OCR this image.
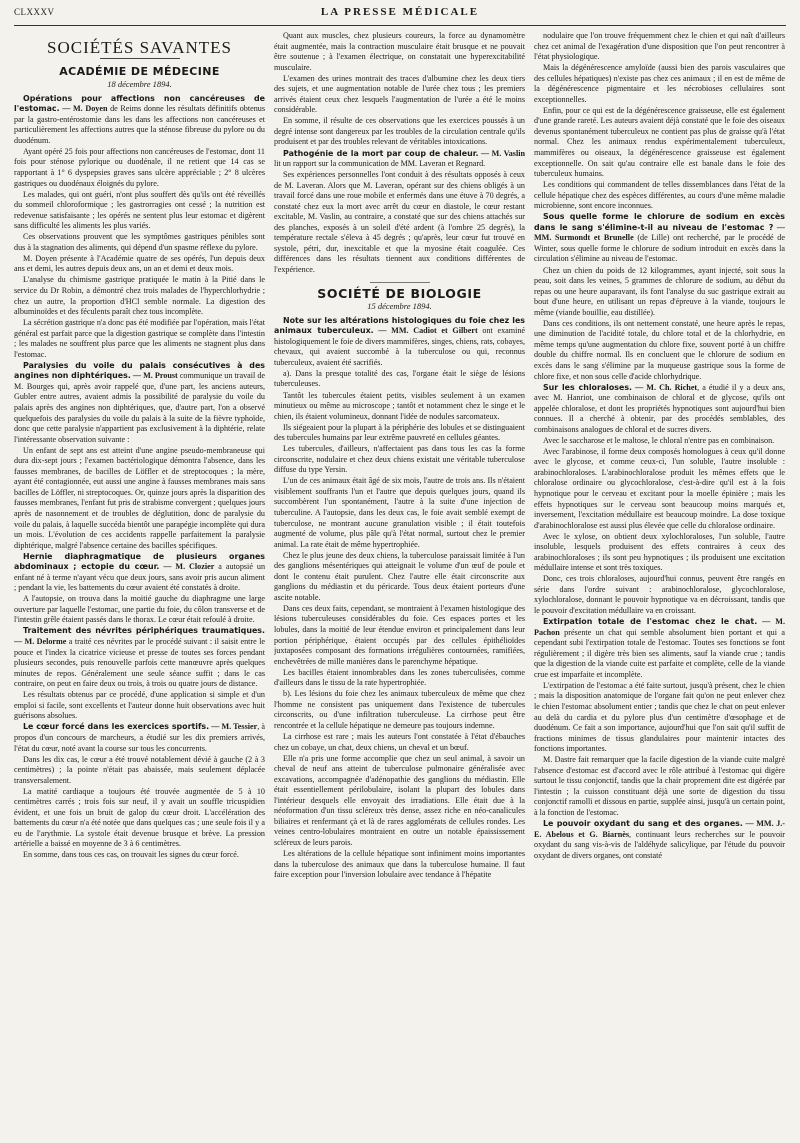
CLXXXV	LA PRESSE MÉDICALE
SOCIÉTÉS SAVANTES
ACADÉMIE DE MÉDECINE
18 décembre 1894.

Opérations pour affections non cancéreuses de l'estomac. — M. Doyen de Reims donne les résultats définitifs obtenus par la gastro-entérostomie dans les dans les affections non cancéreuses et particulièrement les affections autres que la sténose fibreuse du pylore ou du duodénum.

Ayant opéré 25 fois pour affections non cancéreuses de l'estomac, dont 11 fois pour sténose pylorique ou duodénale, il ne retient que 14 cas se rapportant à 1° 6 dyspepsies graves sans ulcère appréciable ; 2° 8 ulcères gastriques ou duodénaux éloignés du pylore.

Les malades, qui ont guéri, n'ont plus souffert dès qu'ils ont été réveillés du sommeil chloroformique ; les gastrorragies ont cessé ; la nutrition est redevenue satisfaisante ; les opérés ne sentent plus leur estomac et digèrent sans difficulté les aliments les plus variés.

Ces observations prouvent que les symptômes gastriques pénibles sont dus à la stagnation des aliments, qui dépend d'un spasme réflexe du pylore.

M. Doyen présente à l'Académie quatre de ses opérés, l'un depuis deux ans et demi, les autres depuis deux ans, un an et demi et deux mois.

L'analyse du chimisme gastrique pratiquée le matin à la Pitié dans le service du Dr Robin, a démontré chez trois malades de l'hyperchlorhydrie ; chez un autre, la proportion d'HCl semble normale. La digestion des albuminoïdes et des féculents paraît chez tous incomplète.

La sécrétion gastrique n'a donc pas été modifiée par l'opération, mais l'état général est parfait parce que la digestion gastrique se complète dans l'intestin ; les malades ne souffrent plus parce que les aliments ne stagnent plus dans l'estomac.

Paralysies du voile du palais consécutives à des angines non diphtériques. — M. Proust communique un travail de M. Bourges qui, après avoir rappelé que, d'une part, les anciens auteurs, Gubler entre autres, avaient admis la possibilité de paralysie du voile du palais après des angines non diphtériques, que, d'autre part, l'on a observé quelquefois des paralysies du voile du palais à la suite de la fièvre typhoïde, donc que cette paralysie n'appartient pas exclusivement à la diphtérie, relate l'intéressante observation suivante :

Un enfant de sept ans est atteint d'une angine pseudo-membraneuse qui dura dix-sept jours ; l'examen bactériologique démontra l'absence, dans les fausses membranes, de bacilles de Löffler et de streptocoques ; la mère, ayant été contagionnée, eut aussi une angine à fausses membranes mais sans bacilles de Löffler, ni streptocoques. Or, quinze jours après la disparition des fausses membranes, l'enfant fut pris de strabisme convergent ; quelques jours après de nasonnement et de troubles de déglutition, donc de paralysie du voile du palais, à laquelle succéda bientôt une parapégie incomplète qui dura un mois. L'évolution de ces accidents rappelle parfaitement la paralysie diphtérique, malgré l'absence certaine des bacilles spécifiques.

Hernie diaphragmatique de plusieurs organes abdominaux ; ectopie du cœur. — M. Clozier a autopsié un enfant né à terme n'ayant vécu que deux jours, sans avoir pris aucun aliment ; pendant la vie, les battements du cœur avaient été constatés à droite.

A l'autopsie, on trouva dans la moitié gauche du diaphragme une large ouverture par laquelle l'estomac, une partie du foie, du côlon transverse et de l'intestin grêle étaient passés dans le thorax. Le cœur était refoulé à droite.

Traitement des névrites périphériques traumatiques. — M. Delorme a traité ces névrites par le procédé suivant : il saisit entre le pouce et l'index la cicatrice vicieuse et presse de toutes ses forces pendant plusieurs secondes, puis renouvelle parfois cette manœuvre après quelques minutes de repos. Généralement une seule séance suffit ; dans le cas contraire, on peut en faire deux ou trois, à trois ou quatre jours de distance.

Les résultats obtenus par ce procédé, d'une application si simple et d'un emploi si facile, sont excellents et l'auteur donne huit observations avec huit guérisons absolues.

Le cœur forcé dans les exercices sportifs. — M. Tessier, à propos d'un concours de marcheurs, a étudié sur les dix premiers arrivés, l'état du cœur, noté avant la course sur tous les concurrents.

Dans les dix cas, le cœur a été trouvé notablement dévié à gauche (2 à 3 centimètres) ; la pointe n'était pas abaissée, mais seulement déplacée transversalement.

La matité cardiaque a toujours été trouvée augmentée de 5 à 10 centimètres carrés ; trois fois sur neuf, il y avait un souffle tricuspidien évident, et une fois un bruit de galop du cœur droit. L'accélération des battements du cœur n'a été notée que dans quelques cas ; une seule fois il y a eu de l'arythmie. La systole était devenue brusque et brève. La pression artérielle a baissé en moyenne de 3 à 6 centimètres.

En somme, dans tous ces cas, on trouvait les signes du cœur forcé.

Quant aux muscles, chez plusieurs coureurs, la force au dynamomètre était augmentée, mais la contraction musculaire était brusque et ne pouvait être soutenue ; à l'examen électrique, on constatait une hyperexcitabilité musculaire.

L'examen des urines montrait des traces d'albumine chez les deux tiers des sujets, et une augmentation notable de l'urée chez tous ; les premiers arrivés étaient ceux chez lesquels l'augmentation de l'urée a été le moins considérable.

En somme, il résulte de ces observations que les exercices poussés à un degré intense sont dangereux par les troubles de la circulation centrale qu'ils produisent et par des troubles relevant de véritables intoxications.

Pathogénie de la mort par coup de chaleur. — M. Vaslin lit un rapport sur la communication de MM. Laveran et Regnard.

Ses expériences personnelles l'ont conduit à des résultats opposés à ceux de M. Laveran. Alors que M. Laveran, opérant sur des chiens obligés à un travail forcé dans une roue mobile et enfermés dans une étuve à 70 degrés, a constaté chez eux la mort avec arrêt du cœur en diastole, le cœur restant excitable, M. Vaslin, au contraire, a constaté que sur des chiens attachés sur des planches, exposés à un soleil d'été ardent (à l'ombre 25 degrés), la température rectale s'éleva à 45 degrés ; qu'après, leur cœur fut trouvé en systole, pétri, dur, inexcitable et que la myosine était coagulée. Ces différences dans les résultats tiennent aux conditions différentes de l'expérience.

SOCIÉTÉ DE BIOLOGIE
15 décembre 1894.

Note sur les altérations histologiques du foie chez les animaux tuberculeux. — MM. Cadiot et Gilbert ont examiné histologiquement le foie de divers mammifères, singes, chiens, rats, cobayes, chevaux, qui avaient succombé à la tuberculose ou qui, reconnus tuberculeux, avaient été sacrifiés.

a). Dans la presque totalité des cas, l'organe était le siège de lésions tuberculeuses.

Tantôt les tubercules étaient petits, visibles seulement à un examen minutieux ou même au microscope ; tantôt et notamment chez le singe et le chien, ils étaient volumineux, donnant l'idée de nodules sarcomateux.

Ils siégeaient pour la plupart à la périphérie des lobules et se distinguaient des tubercules humains par leur extrême pauvreté en cellules géantes.

Les tubercules, d'ailleurs, n'affectaient pas dans tous les cas la forme circonscrite, nodulaire et chez deux chiens existait une véritable tuberculose diffuse du type Yersin.

L'un de ces animaux était âgé de six mois, l'autre de trois ans. Ils n'étaient visiblement souffrants l'un et l'autre que depuis quelques jours, quand ils succombèrent l'un spontanément, l'autre à la suite d'une injection de tuberculine. A l'autopsie, dans les deux cas, le foie avait semblé exempt de tuberculose, ne montrant aucune granulation visible ; il était toutefois augmenté de volume, plus pâle qu'à l'état normal, surtout chez le premier animal. La rate était de même hypertrophiée.

Chez le plus jeune des deux chiens, la tuberculose paraissait limitée à l'un des ganglions mésentériques qui atteignait le volume d'un œuf de poule et dont le contenu était purulent. Chez l'autre elle était circonscrite aux ganglions du médiastin et du péricarde. Tous deux étaient porteurs d'une ascite notable.

Dans ces deux faits, cependant, se montraient à l'examen histologique des lésions tuberculeuses considérables du foie. Ces espaces portes et les lobules, dans la moitié de leur étendue environ et principalement dans leur portion périphérique, étaient occupés par des cellules épithélioïdes juxtaposées composant des formations irrégulières contournées, ramifiées, enchevêtrées de mille manières dans le parenchyme hépatique.

Les bacilles étaient innombrables dans les zones tuberculisées, comme d'ailleurs dans le tissu de la rate hypertrophiée.

b). Les lésions du foie chez les animaux tuberculeux de même que chez l'homme ne consistent pas uniquement dans l'existence de tubercules circonscrits, ou d'une infiltration tuberculeuse. La cirrhose peut être rencontrée et la cellule hépatique ne demeure pas toujours indemne.

La cirrhose est rare ; mais les auteurs l'ont constatée à l'état d'ébauches chez un cobaye, un chat, deux chiens, un cheval et un bœuf.

Elle n'a pris une forme accomplie que chez un seul animal, à savoir un cheval de neuf ans atteint de tuberculose pulmonaire généralisée avec excavations, accompagnée d'adénopathie des ganglions du médiastin. Elle était essentiellement périlobulaire, isolant la plupart des lobules dans l'intérieur desquels elle envoyait des irradiations. Elle était due à la néoformation d'un tissu scléreux très dense, assez riche en néo-canalicules biliaires et renfermant çà et là de rares agglomérats de cellules rondes. Les veines centro-lobulaires montraient en outre un notable épaississement scléreux de leurs parois.

Les altérations de la cellule hépatique sont infiniment moins importantes dans la tuberculose des animaux que dans la tuberculose humaine. Il faut faire exception pour l'inversion lobulaire avec tendance à l'hépatite

nodulaire que l'on trouve fréquemment chez le chien et qui naît d'ailleurs chez cet animal de l'exagération d'une disposition que l'on peut rencontrer à l'état physiologique.

Mais la dégénérescence amyloïde (aussi bien des parois vasculaires que des cellules hépatiques) n'existe pas chez ces animaux ; il en est de même de la dégénérescence pigmentaire et les nécrobioses cellulaires sont exceptionnelles.

Enfin, pour ce qui est de la dégénérescence graisseuse, elle est également d'une grande rareté. Les auteurs avaient déjà constaté que le foie des oiseaux devenus spontanément tuberculeux ne contient pas plus de graisse qu'à l'état normal. Chez les animaux rendus expérimentalement tuberculeux, mammifères ou oiseaux, la dégénérescence graisseuse est également exceptionnelle. On sait qu'au contraire elle est banale dans le foie des tuberculeux humains.

Les conditions qui commandent de telles dissemblances dans l'état de la cellule hépatique chez des espèces différentes, au cours d'une même maladie microbienne, sont encore inconnues.

Sous quelle forme le chlorure de sodium en excès dans le sang s'élimine-t-il au niveau de l'estomac ? — MM. Surmondt et Brunelle (de Lille) ont recherché, par le procédé de Winter, sous quelle forme le chlorure de sodium introduit en excès dans la circulation s'élimine au niveau de l'estomac.

Chez un chien du poids de 12 kilogrammes, ayant injecté, soit sous la peau, soit dans les veines, 5 grammes de chlorure de sodium, au début du repas ou une heure auparavant, ils font l'analyse du suc gastrique extrait au bout d'une heure, en utilisant un repas d'épreuve à la viande, toujours le même (viande bouillie, eau distillée).

Dans ces conditions, ils ont nettement constaté, une heure après le repas, une diminution de l'acidité totale, du chlore total et de la chlorhydrie, en même temps qu'une augmentation du chlore fixe, souvent porté à un chiffre double du chiffre normal. Ils en concluent que le chlorure de sodium en excès dans le sang s'élimine par la muqueuse gastrique sous la forme de chlore fixe, et non sous celle d'acide chlorhydrique.

Sur les chloraloses. — M. Ch. Richet, a étudié il y a deux ans, avec M. Hanriot, une combinaison de chloral et de glycose, qu'ils ont appelée chloralose, et dont les propriétés hypnotiques sont aujourd'hui bien connues. Il a cherché à obtenir, par des procédés semblables, des combinaisons analogues de chloral et de sucres divers.

Avec le saccharose et le maltose, le chloral n'entre pas en combinaison.

Avec l'arabinose, il forme deux composés homologues à ceux qu'il donne avec le glycose, et comme ceux-ci, l'un soluble, l'autre insoluble : arabinochloraloses. L'arabinochloralose produit les mêmes effets que le chloralose ordinaire ou glycochloralose, c'est-à-dire qu'il est à la fois hypnotique pour le cerveau et excitant pour la moelle épinière ; mais les effets hypnotiques sur le cerveau sont beaucoup moins marqués et, inversement, l'excitation médullaire est beaucoup moindre. La dose toxique d'arabinochloralose est aussi plus élevée que celle du chloralose ordinaire.

Avec le xylose, on obtient deux xylochloraloses, l'un soluble, l'autre insoluble, lesquels produisent des effets contraires à ceux des arabinochloraloses ; ils sont peu hypnotiques ; ils produisent une excitation médullaire intense et sont très toxiques.

Donc, ces trois chloraloses, aujourd'hui connus, peuvent être rangés en série dans l'ordre suivant : arabinochloralose, glycochloralose, xylochloralose, donnant le pouvoir hypnotique va en décroissant, tandis que le pouvoir d'excitation médullaire va en croissant.

Extirpation totale de l'estomac chez le chat. — M. Pachon présente un chat qui semble absolument bien portant et qui a cependant subi l'extirpation totale de l'estomac. Toutes ses fonctions se font régulièrement ; il digère très bien ses aliments, sauf la viande crue ; tandis que la digestion de la viande cuite est parfaite et complète, celle de la viande crue est imparfaite et incomplète.

L'extirpation de l'estomac a été faite surtout, jusqu'à présent, chez le chien ; mais la disposition anatomique de l'organe fait qu'on ne peut enlever chez le chien l'estomac absolument entier ; tandis que chez le chat on peut enlever au delà du cardia et du pylore plus d'un centimètre d'œsophage et de duodénum. Ce fait a son importance, aujourd'hui que l'on sait qu'il suffit de fractions minimes de tissus glandulaires pour maintenir intactes des fonctions importantes.

M. Dastre fait remarquer que la facile digestion de la viande cuite malgré l'absence d'estomac est d'accord avec le rôle attribué à l'estomac qui digère surtout le tissu conjonctif, tandis que la chair proprement dite est digérée par l'intestin ; la cuisson constituant déjà une sorte de digestion du tissu conjonctif ramolli et dissous en partie, supplée ainsi, jusqu'à un certain point, à la fonction de l'estomac.

Le pouvoir oxydant du sang et des organes. — MM. J.-E. Abelous et G. Biarnès, continuant leurs recherches sur le pouvoir oxydant du sang vis-à-vis de l'aldéhyde salicylique, par l'étude du pouvoir oxydant de divers organes, ont constaté
